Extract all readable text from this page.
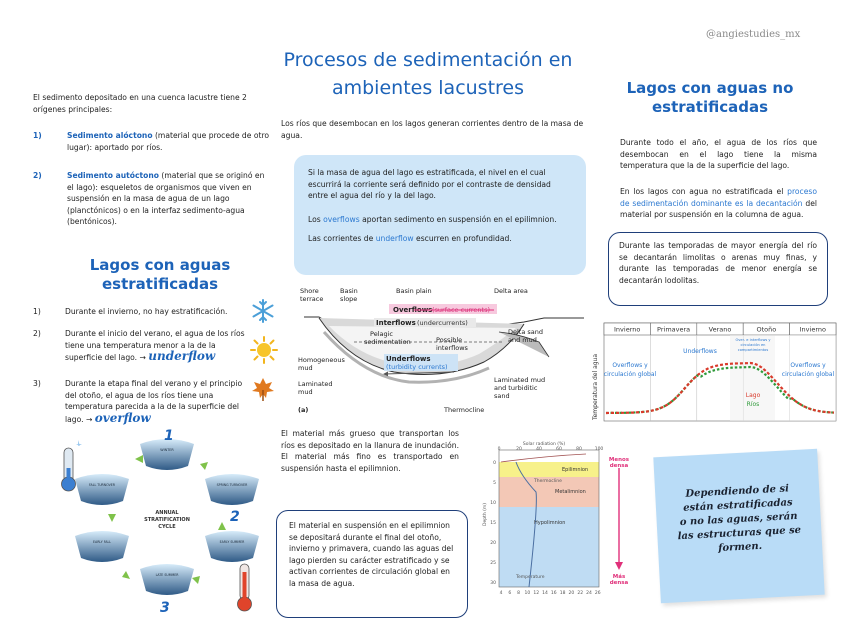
@angiestudies_mx
Procesos de sedimentación en
ambientes lacustres
El sedimento depositado en una cuenca lacustre tiene 2 orígenes principales:
1)	Sedimento alóctono (material que procede de otro lugar): aportado por ríos.
2)	Sedimento autóctono (material que se originó en el lago): esqueletos de organismos que viven en suspensión en la masa de agua de un lago (planctónicos) o en la interfaz sedimento-agua (bentónicos).
Lagos con aguas
estratificadas
1)	Durante el invierno, no hay estratificación.
2)	Durante el inicio del verano, el agua de los ríos tiene una temperatura menor a la de la superficie del lago. → underflow
3)	Durante la etapa final del verano y el principio del otoño, el agua de los ríos tiene una temperatura parecida a la de la superficie del lago. → overflow
WINTER
SPRING TURNOVER
EARLY SUMMER
LATE SUMMER
EARLY FALL
FALL TURNOVER
ANNUAL
STRATIFICATION
CYCLE
1
2
3
Los ríos que desembocan en los lagos generan corrientes dentro de la masa de agua.
Si la masa de agua del lago es estratificada, el nivel en el cual escurrirá la corriente será definido por el contraste de densidad entre el agua del río y la del lago.
Los overflows aportan sedimento en suspensión en el epilimnion.
Las corrientes de underflow escurren en profundidad.
Overflows (surface currents)
Interflows (undercurrents)
Underflows
(turbidity currents)
Shore
terrace
Basin
slope
Basin plain	Delta area
Pelagic
sedimentation	Possible
interflows
Delta sand
and mud
Homogeneous
mud
Laminated
mud
Laminated mud
and turbiditic
sand
Thermocline
(a)
El material más grueso que transportan los ríos es depositado en la llanura de inundación. El material más fino es transportado en suspensión hasta el epilimnion.
El material en suspensión en el epilimnion se depositará durante el final del otoño, invierno y primavera, cuando las aguas del lago pierden su carácter estratificado y se activan corrientes de circulación global en la masa de agua.
Solar radiation (%)
0	20	40	60	80	100
Epilimnion
Metalimnion
Hypolimnion
Thermocline
Temperature
Depth (m)
0
5
10
15
20
25
30
4 6 8 10 12 14 16 18 20 22 24 26
Menos
densa
Más
densa
Lagos con aguas no
estratificadas
Durante todo el año, el agua de los ríos que desembocan en el lago tiene la misma temperatura que la de la superficie del lago.
En los lagos con agua no estratificada el proceso de sedimentación dominante es la decantación del material por suspensión en la columna de agua.
Durante las temporadas de mayor energía del río se decantarán limolitas o arenas muy finas, y durante las temporadas de menor energía se decantarán lodolitas.
Temperatura del agua
Invierno	Primavera	Verano	Otoño	Invierno
Overflows y
circulación global
Underflows
Over- e interflows y
circulación en
compartimientos
Overflows y
circulación global
Lago
Ríos
Dependiendo de si
están estratificadas
o no las aguas, serán
las estructuras que se
formen.
